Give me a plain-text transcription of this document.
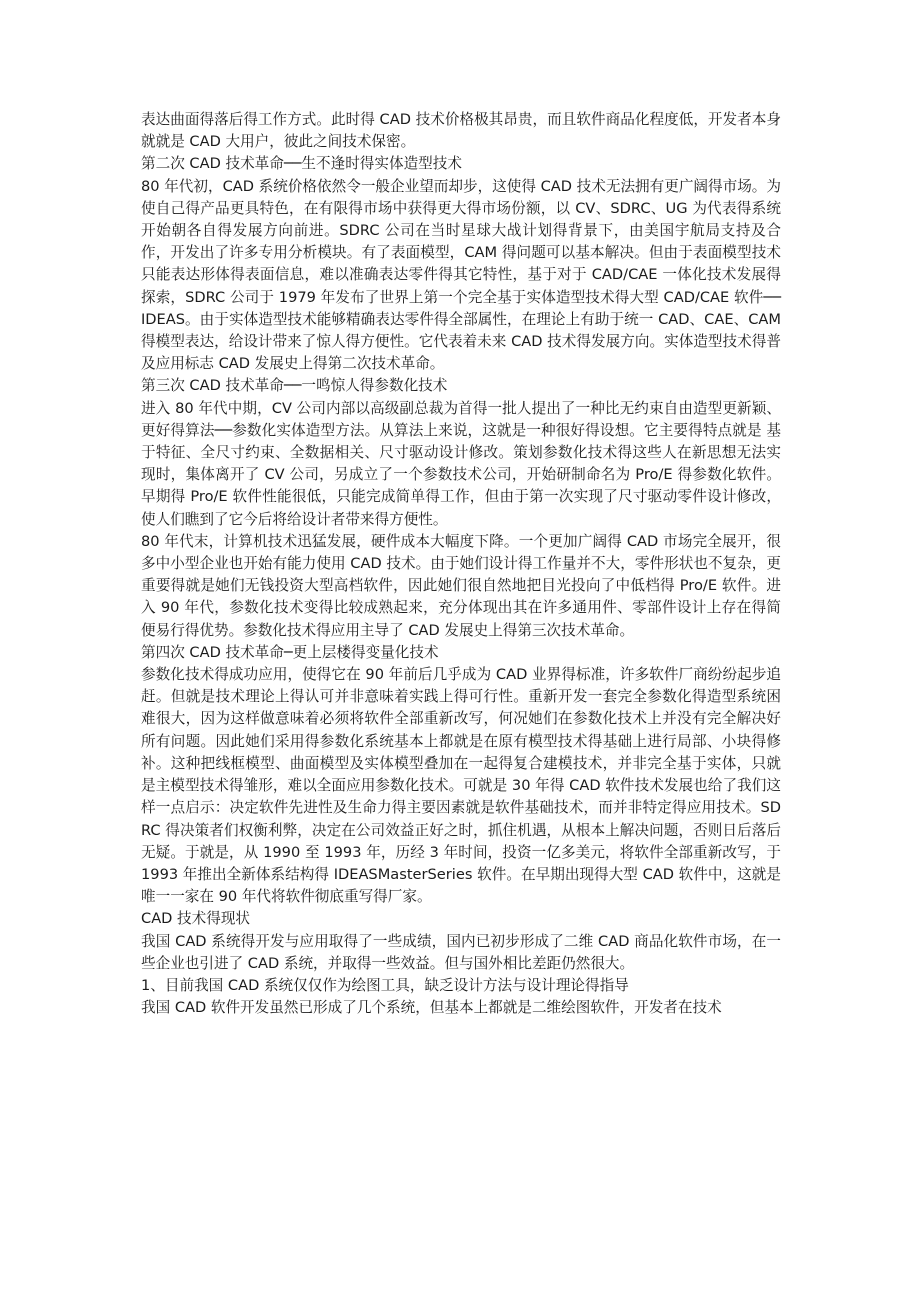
表达曲面得落后得工作方式。此时得 CAD 技术价格极其昂贵，而且软件商品化程度低，开发者本身就就是 CAD 大用户，彼此之间技术保密。

第二次 CAD 技术革命──生不逢时得实体造型技术

80 年代初，CAD 系统价格依然令一般企业望而却步，这使得 CAD 技术无法拥有更广阔得市场。为使自己得产品更具特色，在有限得市场中获得更大得市场份额，以 CV、SDRC、UG 为代表得系统开始朝各自得发展方向前进。SDRC 公司在当时星球大战计划得背景下，由美国宇航局支持及合作，开发出了许多专用分析模块。有了表面模型，CAM 得问题可以基本解决。但由于表面模型技术只能表达形体得表面信息，难以准确表达零件得其它特性，基于对于 CAD/CAE 一体化技术发展得探索，SDRC 公司于 1979 年发布了世界上第一个完全基于实体造型技术得大型 CAD/CAE 软件──IDEAS。由于实体造型技术能够精确表达零件得全部属性，在理论上有助于统一 CAD、CAE、CAM 得模型表达，给设计带来了惊人得方便性。它代表着未来 CAD 技术得发展方向。实体造型技术得普及应用标志 CAD 发展史上得第二次技术革命。

第三次 CAD 技术革命──一鸣惊人得参数化技术

进入 80 年代中期，CV 公司内部以高级副总裁为首得一批人提出了一种比无约束自由造型更新颖、更好得算法──参数化实体造型方法。从算法上来说，这就是一种很好得设想。它主要得特点就是 基于特征、全尺寸约束、全数据相关、尺寸驱动设计修改。策划参数化技术得这些人在新思想无法实现时，集体离开了 CV 公司，另成立了一个参数技术公司，开始研制命名为 Pro/E 得参数化软件。早期得 Pro/E 软件性能很低，只能完成简单得工作，但由于第一次实现了尺寸驱动零件设计修改，使人们瞧到了它今后将给设计者带来得方便性。

80 年代末，计算机技术迅猛发展，硬件成本大幅度下降。一个更加广阔得 CAD 市场完全展开，很多中小型企业也开始有能力使用 CAD 技术。由于她们设计得工作量并不大，零件形状也不复杂，更重要得就是她们无钱投资大型高档软件，因此她们很自然地把目光投向了中低档得 Pro/E 软件。进入 90 年代，参数化技术变得比较成熟起来，充分体现出其在许多通用件、零部件设计上存在得简便易行得优势。参数化技术得应用主导了 CAD 发展史上得第三次技术革命。

第四次 CAD 技术革命─更上层楼得变量化技术

参数化技术得成功应用，使得它在 90 年前后几乎成为 CAD 业界得标准，许多软件厂商纷纷起步追赶。但就是技术理论上得认可并非意味着实践上得可行性。重新开发一套完全参数化得造型系统困难很大，因为这样做意味着必须将软件全部重新改写，何况她们在参数化技术上并没有完全解决好所有问题。因此她们采用得参数化系统基本上都就是在原有模型技术得基础上进行局部、小块得修补。这种把线框模型、曲面模型及实体模型叠加在一起得复合建模技术，并非完全基于实体，只就是主模型技术得雏形，难以全面应用参数化技术。可就是 30 年得 CAD 软件技术发展也给了我们这样一点启示：决定软件先进性及生命力得主要因素就是软件基础技术，而并非特定得应用技术。SDRC 得决策者们权衡利弊，决定在公司效益正好之时，抓住机遇，从根本上解决问题，否则日后落后无疑。于就是，从 1990 至 1993 年，历经 3 年时间，投资一亿多美元，将软件全部重新改写，于 1993 年推出全新体系结构得 IDEASMasterSeries 软件。在早期出现得大型 CAD 软件中，这就是唯一一家在 90 年代将软件彻底重写得厂家。

CAD 技术得现状

我国 CAD 系统得开发与应用取得了一些成绩，国内已初步形成了二维 CAD 商品化软件市场，在一些企业也引进了 CAD 系统，并取得一些效益。但与国外相比差距仍然很大。

1、目前我国 CAD 系统仅仅作为绘图工具，缺乏设计方法与设计理论得指导

我国 CAD 软件开发虽然已形成了几个系统，但基本上都就是二维绘图软件，开发者在技术
